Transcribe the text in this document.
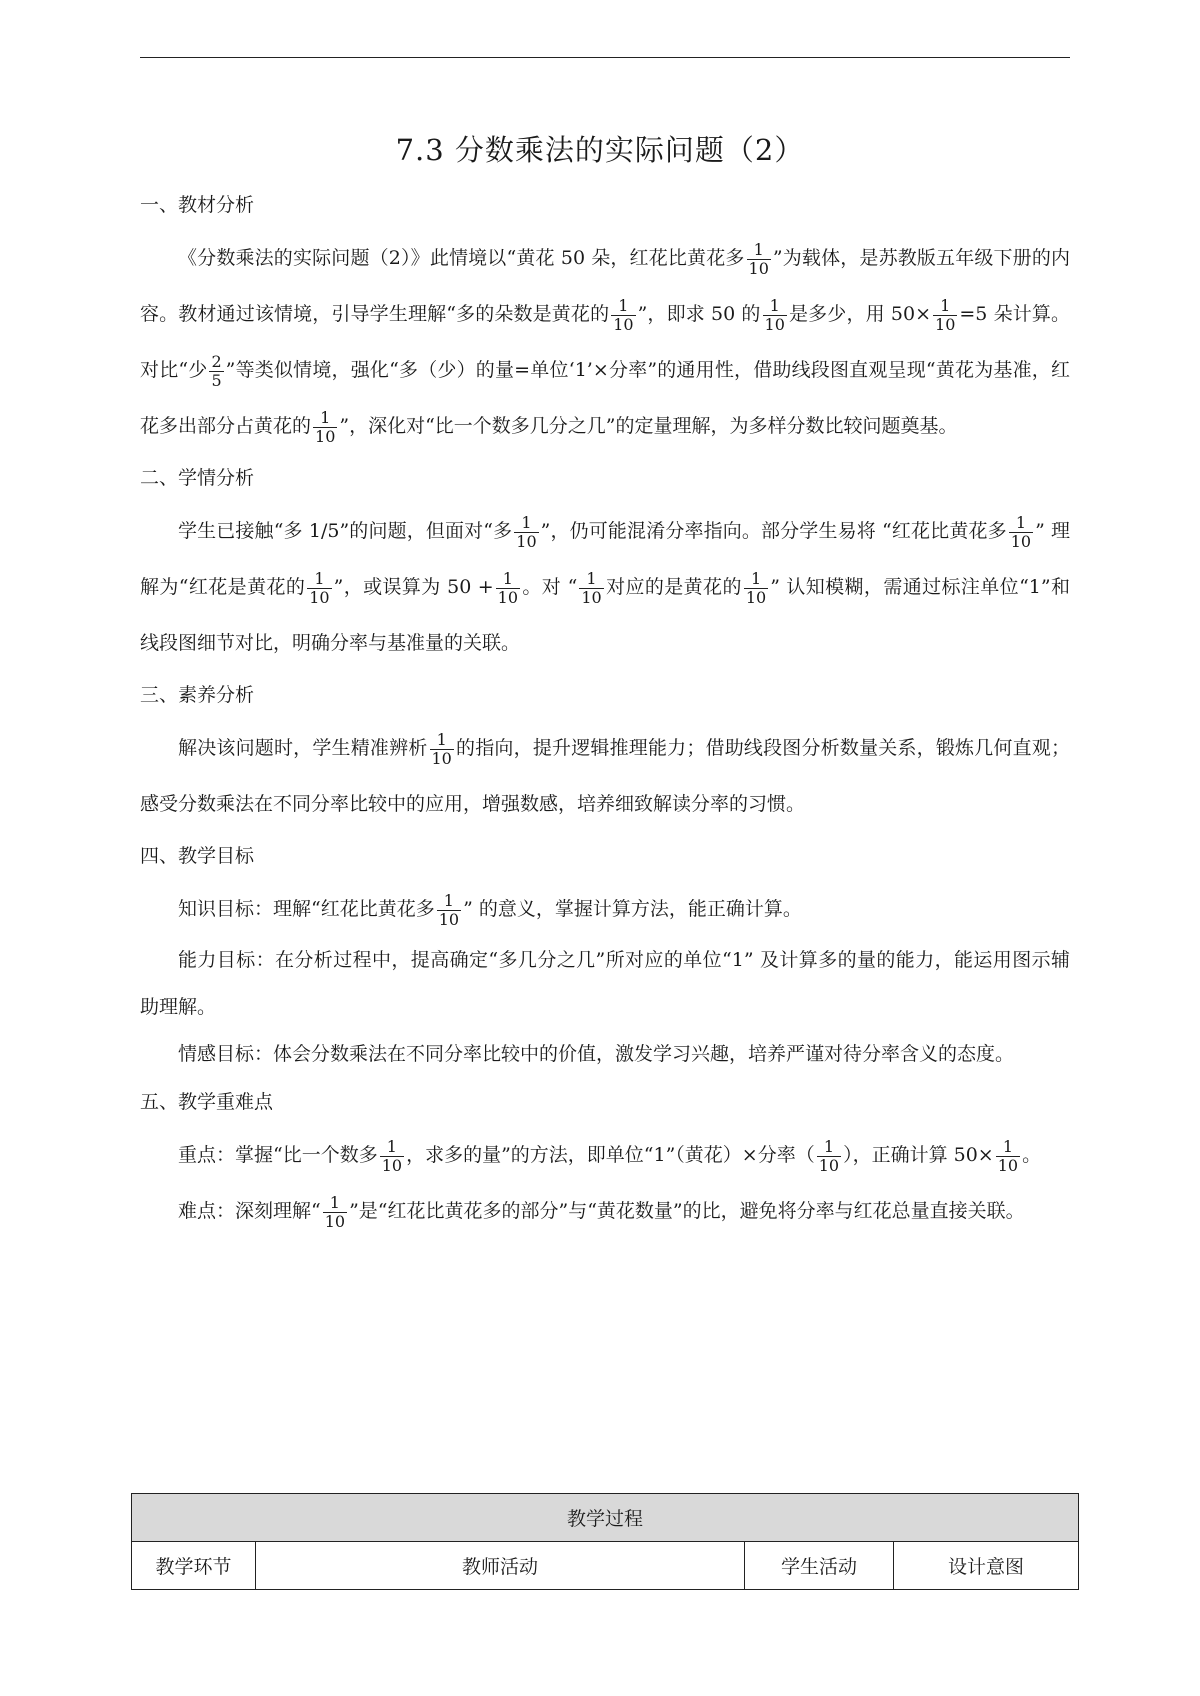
7.3 分数乘法的实际问题（2）
一、教材分析

《分数乘法的实际问题（2）》此情境以“黄花 50 朵，红花比黄花多 $\frac{1}{10}$ ”为载体，是苏教版五年级下册的内容。教材通过该情境，引导学生理解“多的朵数是黄花的 $\frac{1}{10}$ ”，即求 50 的 $\frac{1}{10}$ 是多少，用 $50\times \frac{1}{10} =5$ 朵计算。对比“少 $\frac{2}{5}$ ”等类似情境，强化“多（少）的量=单位‘1’×分率”的通用性，借助线段图直观呈现“黄花为基准，红花多出部分占黄花的 $\frac{1}{10}$ ”，深化对“比一个数多几分之几”的定量理解，为多样分数比较问题奠基。

二、学情分析

学生已接触“多 1/5”的问题，但面对“多 $\frac{1}{10}$ ”，仍可能混淆分率指向。部分学生易将 “红花比黄花多 $\frac{1}{10}$ ” 理解为“红花是黄花的 $\frac{1}{10}$ ”，或误算为 $50 + \frac{1}{10}$ 。对 “ $\frac{1}{10}$ 对应的是黄花的 $\frac{1}{10}$ ” 认知模糊，需通过标注单位“1”和线段图细节对比，明确分率与基准量的关联。

三、素养分析

解决该问题时，学生精准辨析 $\frac{1}{10}$ 的指向，提升逻辑推理能力；借助线段图分析数量关系，锻炼几何直观；感受分数乘法在不同分率比较中的应用，增强数感，培养细致解读分率的习惯。

四、教学目标

知识目标：理解“红花比黄花多 $\frac{1}{10}$ ” 的意义，掌握计算方法，能正确计算。

能力目标：在分析过程中，提高确定“多几分之几”所对应的单位“1” 及计算多的量的能力，能运用图示辅助理解。

情感目标：体会分数乘法在不同分率比较中的价值，激发学习兴趣，培养严谨对待分率含义的态度。

五、教学重难点

重点：掌握“比一个数多 $\frac{1}{10}$ ，求多的量”的方法，即单位“1”（黄花）×分率（ $\frac{1}{10}$ ），正确计算 $50\times \frac{1}{10}$ 。

难点：深刻理解“ $\frac{1}{10}$ ”是“红花比黄花多的部分”与“黄花数量”的比，避免将分率与红花总量直接关联。

教学过程
教学环节	教师活动	学生活动	设计意图
